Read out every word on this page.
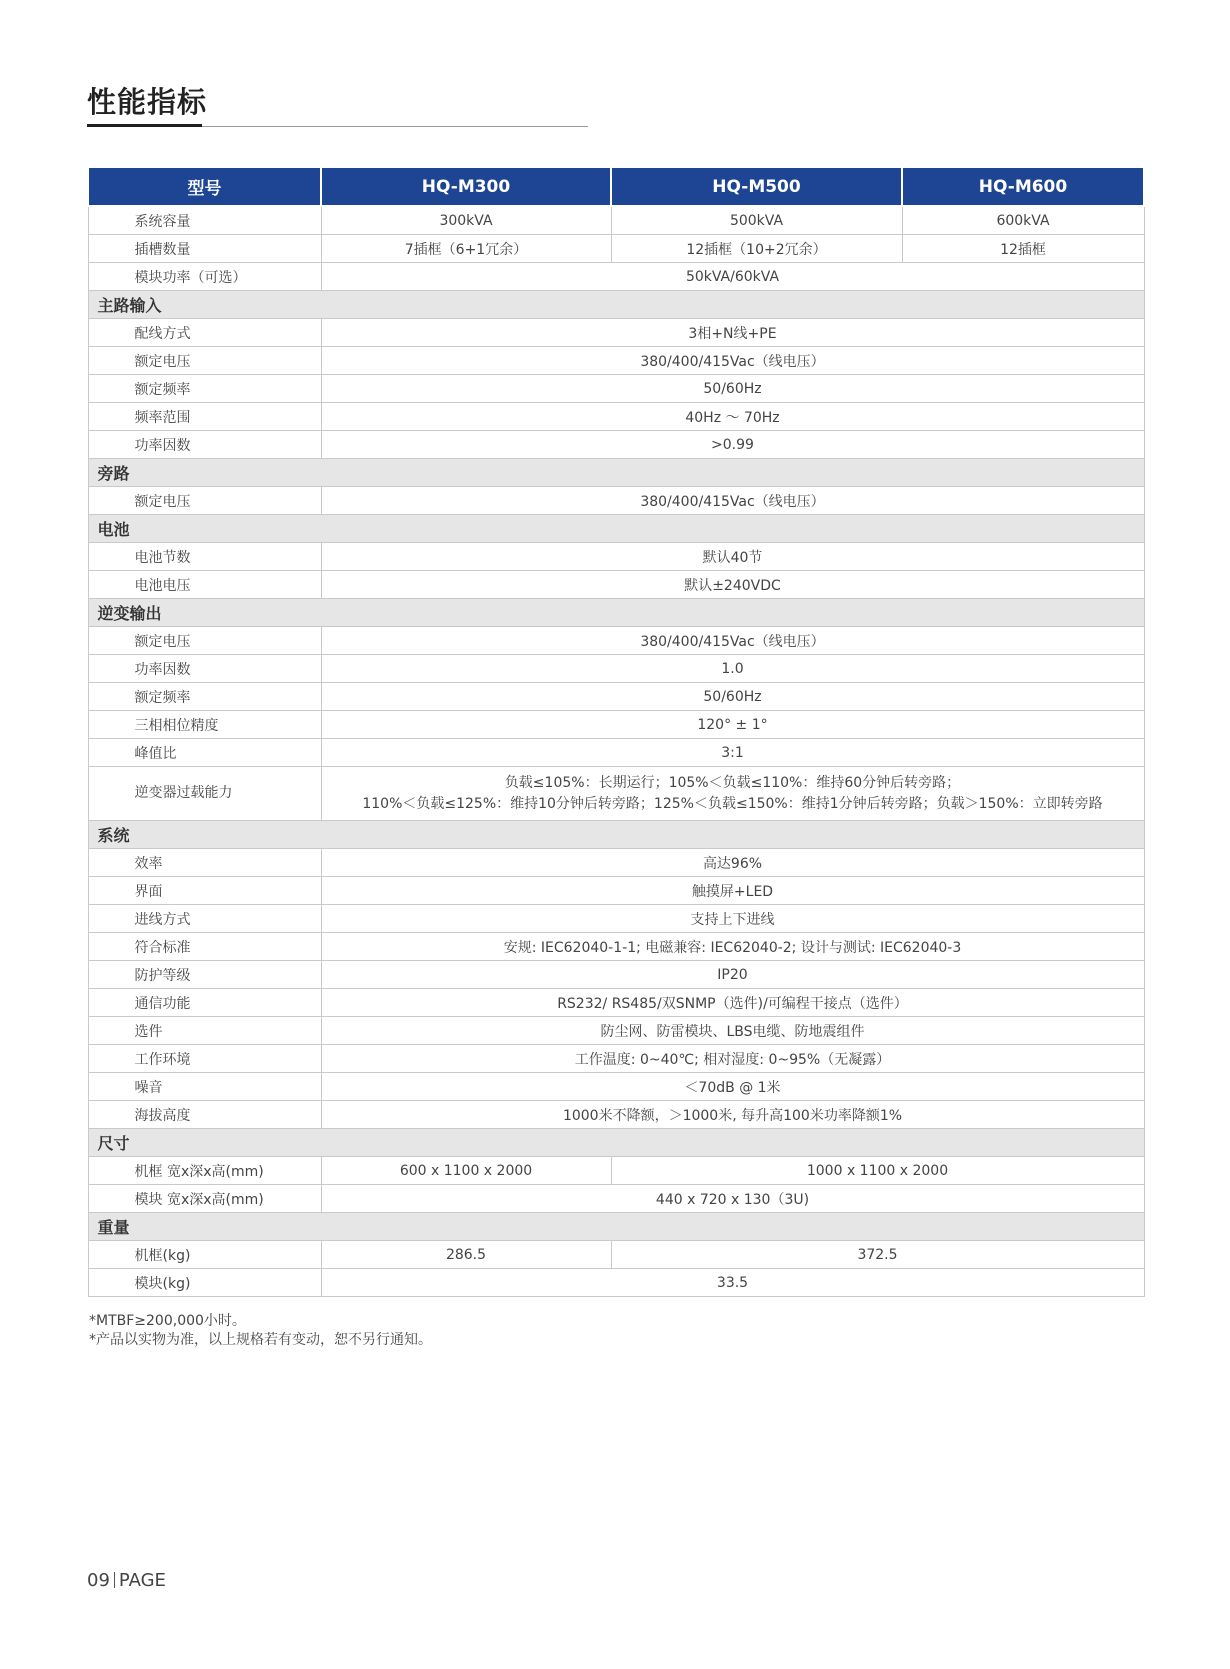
性能指标
型号	HQ-M300	HQ-M500	HQ-M600
系统容量	300kVA	500kVA	600kVA
插槽数量	7插框（6+1冗余）	12插框（10+2冗余）	12插框
模块功率（可选）	50kVA/60kVA		
主路输入			
配线方式	3相+N线+PE		
额定电压	380/400/415Vac（线电压）		
额定频率	50/60Hz		
频率范围	40Hz ～ 70Hz		
功率因数	>0.99		
旁路			
额定电压	380/400/415Vac（线电压）		
电池			
电池节数	默认40节		
电池电压	默认±240VDC		
逆变输出			
额定电压	380/400/415Vac（线电压）		
功率因数	1.0		
额定频率	50/60Hz		
三相相位精度	120° ± 1°		
峰值比	3:1		
逆变器过载能力	负载≤105%：长期运行；105%＜负载≤110%：维持60分钟后转旁路；
110%＜负载≤125%：维持10分钟后转旁路；125%＜负载≤150%：维持1分钟后转旁路；负载＞150%：立即转旁路		

系统			
效率	高达96%		
界面	触摸屏+LED		
进线方式	支持上下进线		
符合标准	安规: IEC62040-1-1; 电磁兼容: IEC62040-2; 设计与测试: IEC62040-3		
防护等级	IP20		
通信功能	RS232/ RS485/双SNMP（选件)/可编程干接点（选件）		
选件	防尘网、防雷模块、LBS电缆、防地震组件		
工作环境	工作温度: 0~40℃; 相对湿度: 0~95%（无凝露）		
噪音	＜70dB @ 1米		
海拔高度	1000米不降额，＞1000米, 每升高100米功率降额1%		
尺寸			
机框 宽x深x高(mm)	600 x 1100 x 2000	1000 x 1100 x 2000	
模块 宽x深x高(mm)	440 x 720 x 130（3U)		
重量			
机框(kg)	286.5	372.5	
模块(kg)	33.5		
*MTBF≥200,000小时。
*产品以实物为准，以上规格若有变动，恕不另行通知。
09 PAGE
